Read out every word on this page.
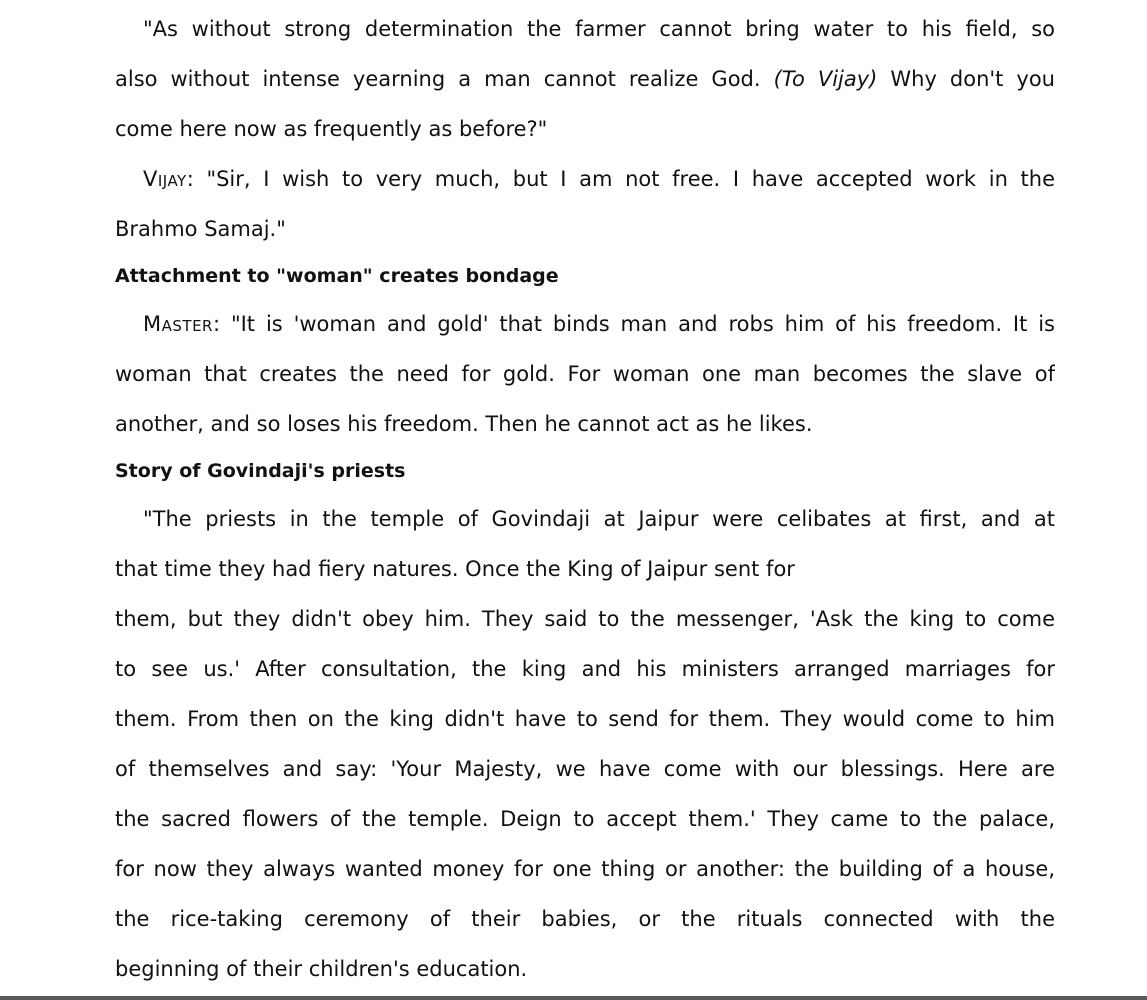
"As without strong determination the farmer cannot bring water to his field, so
also without intense yearning a man cannot realize God. (To Vijay) Why don't you
come here now as frequently as before?"
VIJAY: "Sir, I wish to very much, but I am not free. I have accepted work in the
Brahmo Samaj."
Attachment to "woman" creates bondage
MASTER: "It is 'woman and gold' that binds man and robs him of his freedom. It is
woman that creates the need for gold. For woman one man becomes the slave of
another, and so loses his freedom. Then he cannot act as he likes.
Story of Govindaji's priests
"The priests in the temple of Govindaji at Jaipur were celibates at first, and at
that time they had fiery natures. Once the King of Jaipur sent for
them, but they didn't obey him. They said to the messenger, 'Ask the king to come
to see us.' After consultation, the king and his ministers arranged marriages for
them. From then on the king didn't have to send for them. They would come to him
of themselves and say: 'Your Majesty, we have come with our blessings. Here are
the sacred flowers of the temple. Deign to accept them.' They came to the palace,
for now they always wanted money for one thing or another: the building of a house,
the rice-taking ceremony of their babies, or the rituals connected with the
beginning of their children's education.
